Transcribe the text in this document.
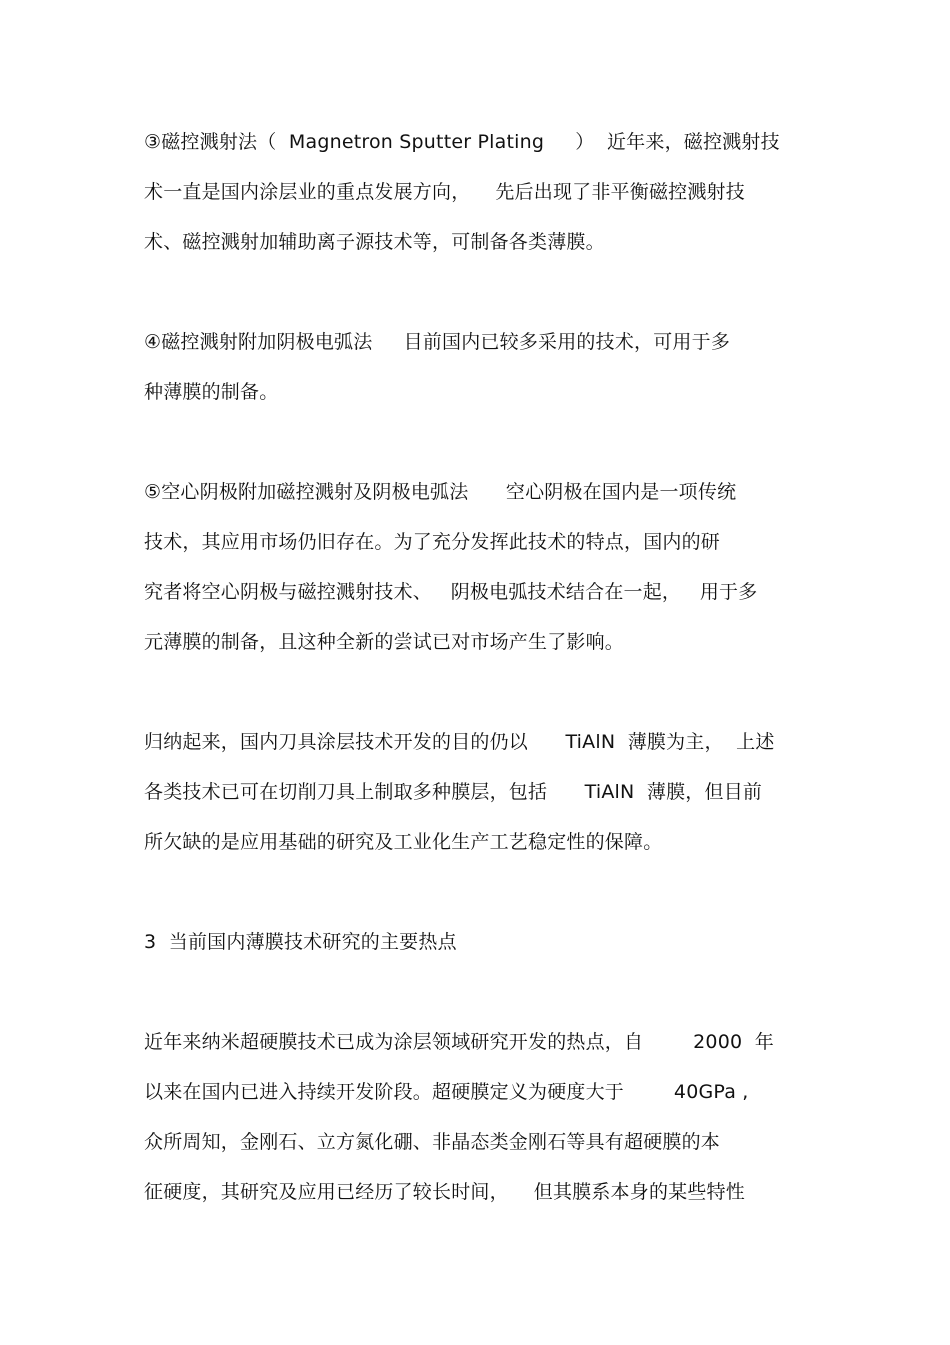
③磁控溅射法（  Magnetron Sputter Plating     ）  近年来，磁控溅射技
术一直是国内涂层业的重点发展方向，    先后出现了非平衡磁控溅射技
术、磁控溅射加辅助离子源技术等，可制备各类薄膜。
④磁控溅射附加阴极电弧法     目前国内已较多采用的技术，可用于多
种薄膜的制备。
⑤空心阴极附加磁控溅射及阴极电弧法      空心阴极在国内是一项传统
技术，其应用市场仍旧存在。为了充分发挥此技术的特点，国内的研
究者将空心阴极与磁控溅射技术、   阴极电弧技术结合在一起，   用于多
元薄膜的制备，且这种全新的尝试已对市场产生了影响。
归纳起来，国内刀具涂层技术开发的目的仍以      TiAlN  薄膜为主，  上述
各类技术已可在切削刀具上制取多种膜层，包括      TiAlN  薄膜，但目前
所欠缺的是应用基础的研究及工业化生产工艺稳定性的保障。
3  当前国内薄膜技术研究的主要热点
近年来纳米超硬膜技术已成为涂层领域研究开发的热点，自        2000  年
以来在国内已进入持续开发阶段。超硬膜定义为硬度大于        40GPa ,
众所周知，金刚石、立方氮化硼、非晶态类金刚石等具有超硬膜的本
征硬度，其研究及应用已经历了较长时间，    但其膜系本身的某些特性
